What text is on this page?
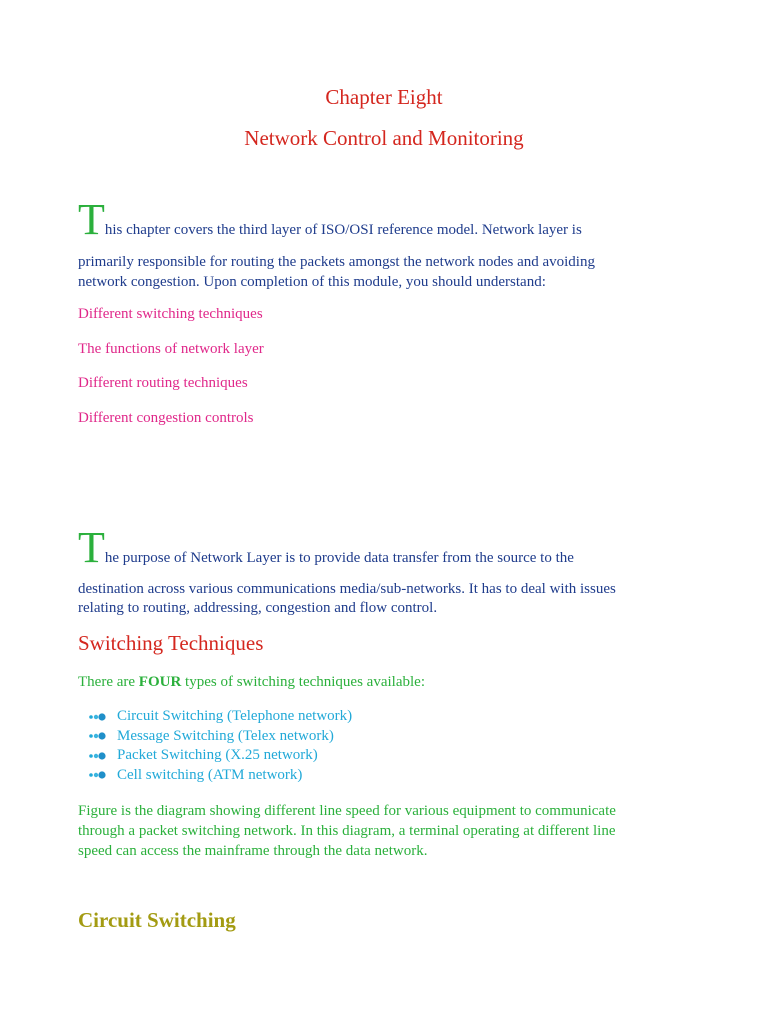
Chapter Eight
Network Control and Monitoring
This chapter covers the third layer of ISO/OSI reference model. Network layer is
primarily responsible for routing the packets amongst the network nodes and avoiding
network congestion. Upon completion of this module, you should understand:
Different switching techniques
The functions of network layer
Different routing techniques
Different congestion controls
The purpose of Network Layer is to provide data transfer from the source to the
destination across various communications media/sub-networks. It has to deal with issues
relating to routing, addressing, congestion and flow control.
Switching Techniques
There are FOUR types of switching techniques available:
Circuit Switching (Telephone network)
Message Switching (Telex network)
Packet Switching (X.25 network)
Cell switching (ATM network)
Figure is the diagram showing different line speed for various equipment to communicate
through a packet switching network. In this diagram, a terminal operating at different line
speed can access the mainframe through the data network.
Circuit Switching
